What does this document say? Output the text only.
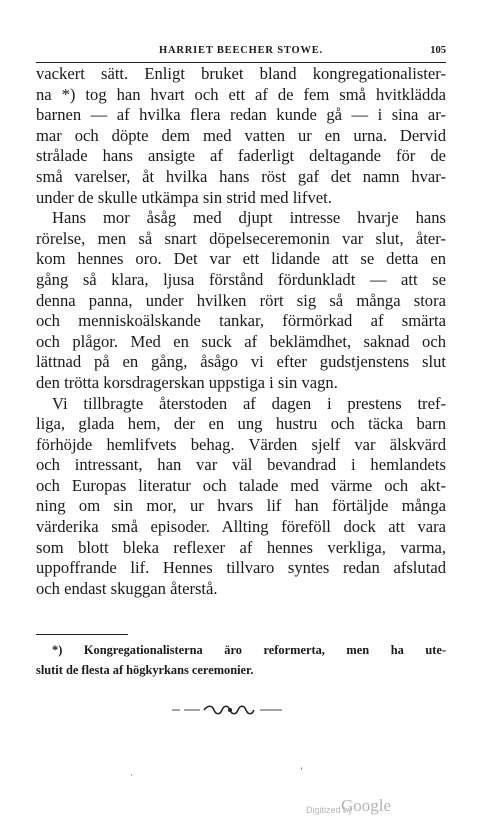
HARRIET BEECHER STOWE.	105
vackert sätt. Enligt bruket bland kongregationalister-
na *) tog han hvart och ett af de fem små hvitklädda
barnen — af hvilka flera redan kunde gå — i sina ar-
mar och döpte dem med vatten ur en urna. Dervid
strålade hans ansigte af faderligt deltagande för de
små varelser, åt hvilka hans röst gaf det namn hvar-
under de skulle utkämpa sin strid med lifvet.
Hans mor åsåg med djupt intresse hvarje hans
rörelse, men så snart döpelseceremonin var slut, åter-
kom hennes oro. Det var ett lidande att se detta en
gång så klara, ljusa förstånd fördunkladt — att se
denna panna, under hvilken rört sig så många stora
och menniskoälskande tankar, förmörkad af smärta
och plågor. Med en suck af beklämdhet, saknad och
lättnad på en gång, åsågo vi efter gudstjenstens slut
den trötta korsdragerskan uppstiga i sin vagn.
Vi tillbragte återstoden af dagen i prestens tref-
liga, glada hem, der en ung hustru och täcka barn
förhöjde hemlifvets behag. Värden sjelf var älskvärd
och intressant, han var väl bevandrad i hemlandets
och Europas literatur och talade med värme och akt-
ning om sin mor, ur hvars lif han förtäljde många
värderika små episoder. Allting föreföll dock att vara
som blott bleka reflexer af hennes verkliga, varma,
uppoffrande lif. Hennes tillvaro syntes redan afslutad
och endast skuggan återstå.
*) Kongregationalisterna äro reformerta, men ha ute-
slutit de flesta af högkyrkans ceremonier.
·	ʼ
Digitized by
Google
